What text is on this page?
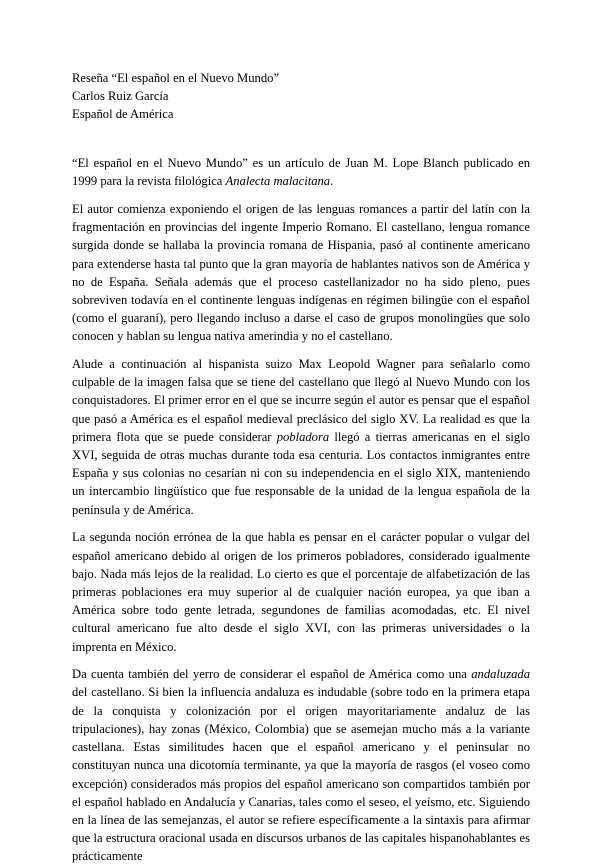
Reseña “El español en el Nuevo Mundo”
Carlos Ruiz García
Español de América

“El español en el Nuevo Mundo” es un artículo de Juan M. Lope Blanch publicado en 1999 para la revista filológica Analecta malacitana.

El autor comienza exponiendo el origen de las lenguas romances a partir del latín con la fragmentación en provincias del ingente Imperio Romano. El castellano, lengua romance surgida donde se hallaba la provincia romana de Hispania, pasó al continente americano para extenderse hasta tal punto que la gran mayoría de hablantes nativos son de América y no de España. Señala además que el proceso castellanizador no ha sido pleno, pues sobreviven todavía en el continente lenguas indígenas en régimen bilingüe con el español (como el guaraní), pero llegando incluso a darse el caso de grupos monolingües que solo conocen y hablan su lengua nativa amerindia y no el castellano.

Alude a continuación al hispanista suizo Max Leopold Wagner para señalarlo como culpable de la imagen falsa que se tiene del castellano que llegó al Nuevo Mundo con los conquistadores. El primer error en el que se incurre según el autor es pensar que el español que pasó a América es el español medieval preclásico del siglo XV. La realidad es que la primera flota que se puede considerar pobladora llegó a tierras americanas en el siglo XVI, seguida de otras muchas durante toda esa centuria. Los contactos inmigrantes entre España y sus colonias no cesarían ni con su independencia en el siglo XIX, manteniendo un intercambio lingüístico que fue responsable de la unidad de la lengua española de la península y de América.

La segunda noción errónea de la que habla es pensar en el carácter popular o vulgar del español americano debido al origen de los primeros pobladores, considerado igualmente bajo. Nada más lejos de la realidad. Lo cierto es que el porcentaje de alfabetización de las primeras poblaciones era muy superior al de cualquier nación europea, ya que iban a América sobre todo gente letrada, segundones de familias acomodadas, etc. El nivel cultural americano fue alto desde el siglo XVI, con las primeras universidades o la imprenta en México.

Da cuenta también del yerro de considerar el español de América como una andaluzada del castellano. Si bien la influencia andaluza es indudable (sobre todo en la primera etapa de la conquista y colonización por el origen mayoritariamente andaluz de las tripulaciones), hay zonas (México, Colombia) que se asemejan mucho más a la variante castellana. Estas similitudes hacen que el español americano y el peninsular no constituyan nunca una dicotomía terminante, ya que la mayoría de rasgos (el voseo como excepción) considerados más propios del español americano son compartidos también por el español hablado en Andalucía y Canarias, tales como el seseo, el yeísmo, etc. Siguiendo en la línea de las semejanzas, el autor se refiere específicamente a la sintaxis para afirmar que la estructura oracional usada en discursos urbanos de las capitales hispanohablantes es prácticamente
